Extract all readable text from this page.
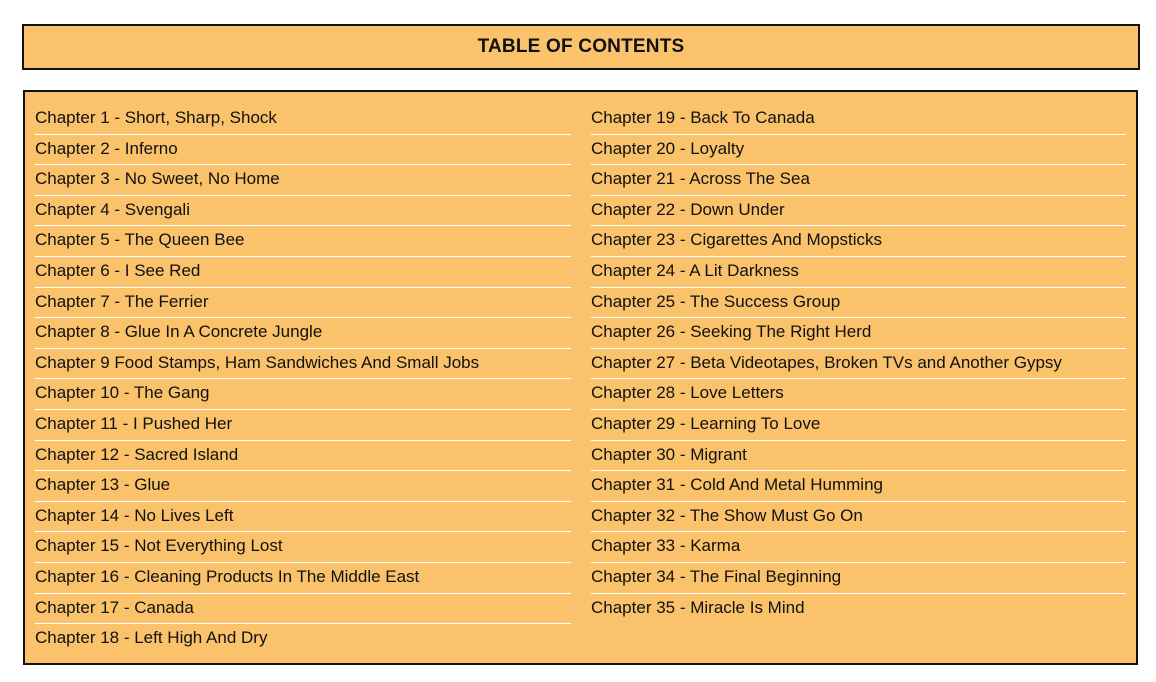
TABLE OF CONTENTS
Chapter 1 - Short, Sharp, Shock
Chapter 2 - Inferno
Chapter 3 - No Sweet, No Home
Chapter 4 - Svengali
Chapter 5 - The Queen Bee
Chapter 6 - I See Red
Chapter 7 - The Ferrier
Chapter 8 - Glue In A Concrete Jungle
Chapter 9 Food Stamps, Ham Sandwiches And Small Jobs
Chapter 10 - The Gang
Chapter 11 - I Pushed Her
Chapter 12 - Sacred Island
Chapter 13 - Glue
Chapter 14 - No Lives Left
Chapter 15 - Not Everything Lost
Chapter 16 - Cleaning Products In The Middle East
Chapter 17 - Canada
Chapter 18 - Left High And Dry
Chapter 19 - Back To Canada
Chapter 20 - Loyalty
Chapter 21 - Across The Sea
Chapter 22 - Down Under
Chapter 23 - Cigarettes And Mopsticks
Chapter 24 - A Lit Darkness
Chapter 25 - The Success Group
Chapter 26 - Seeking The Right Herd
Chapter 27 - Beta Videotapes, Broken TVs and Another Gypsy
Chapter 28 - Love Letters
Chapter 29 - Learning To Love
Chapter 30 - Migrant
Chapter 31 - Cold And Metal Humming
Chapter 32 - The Show Must Go On
Chapter 33 - Karma
Chapter 34 - The Final Beginning
Chapter 35 - Miracle Is Mind
